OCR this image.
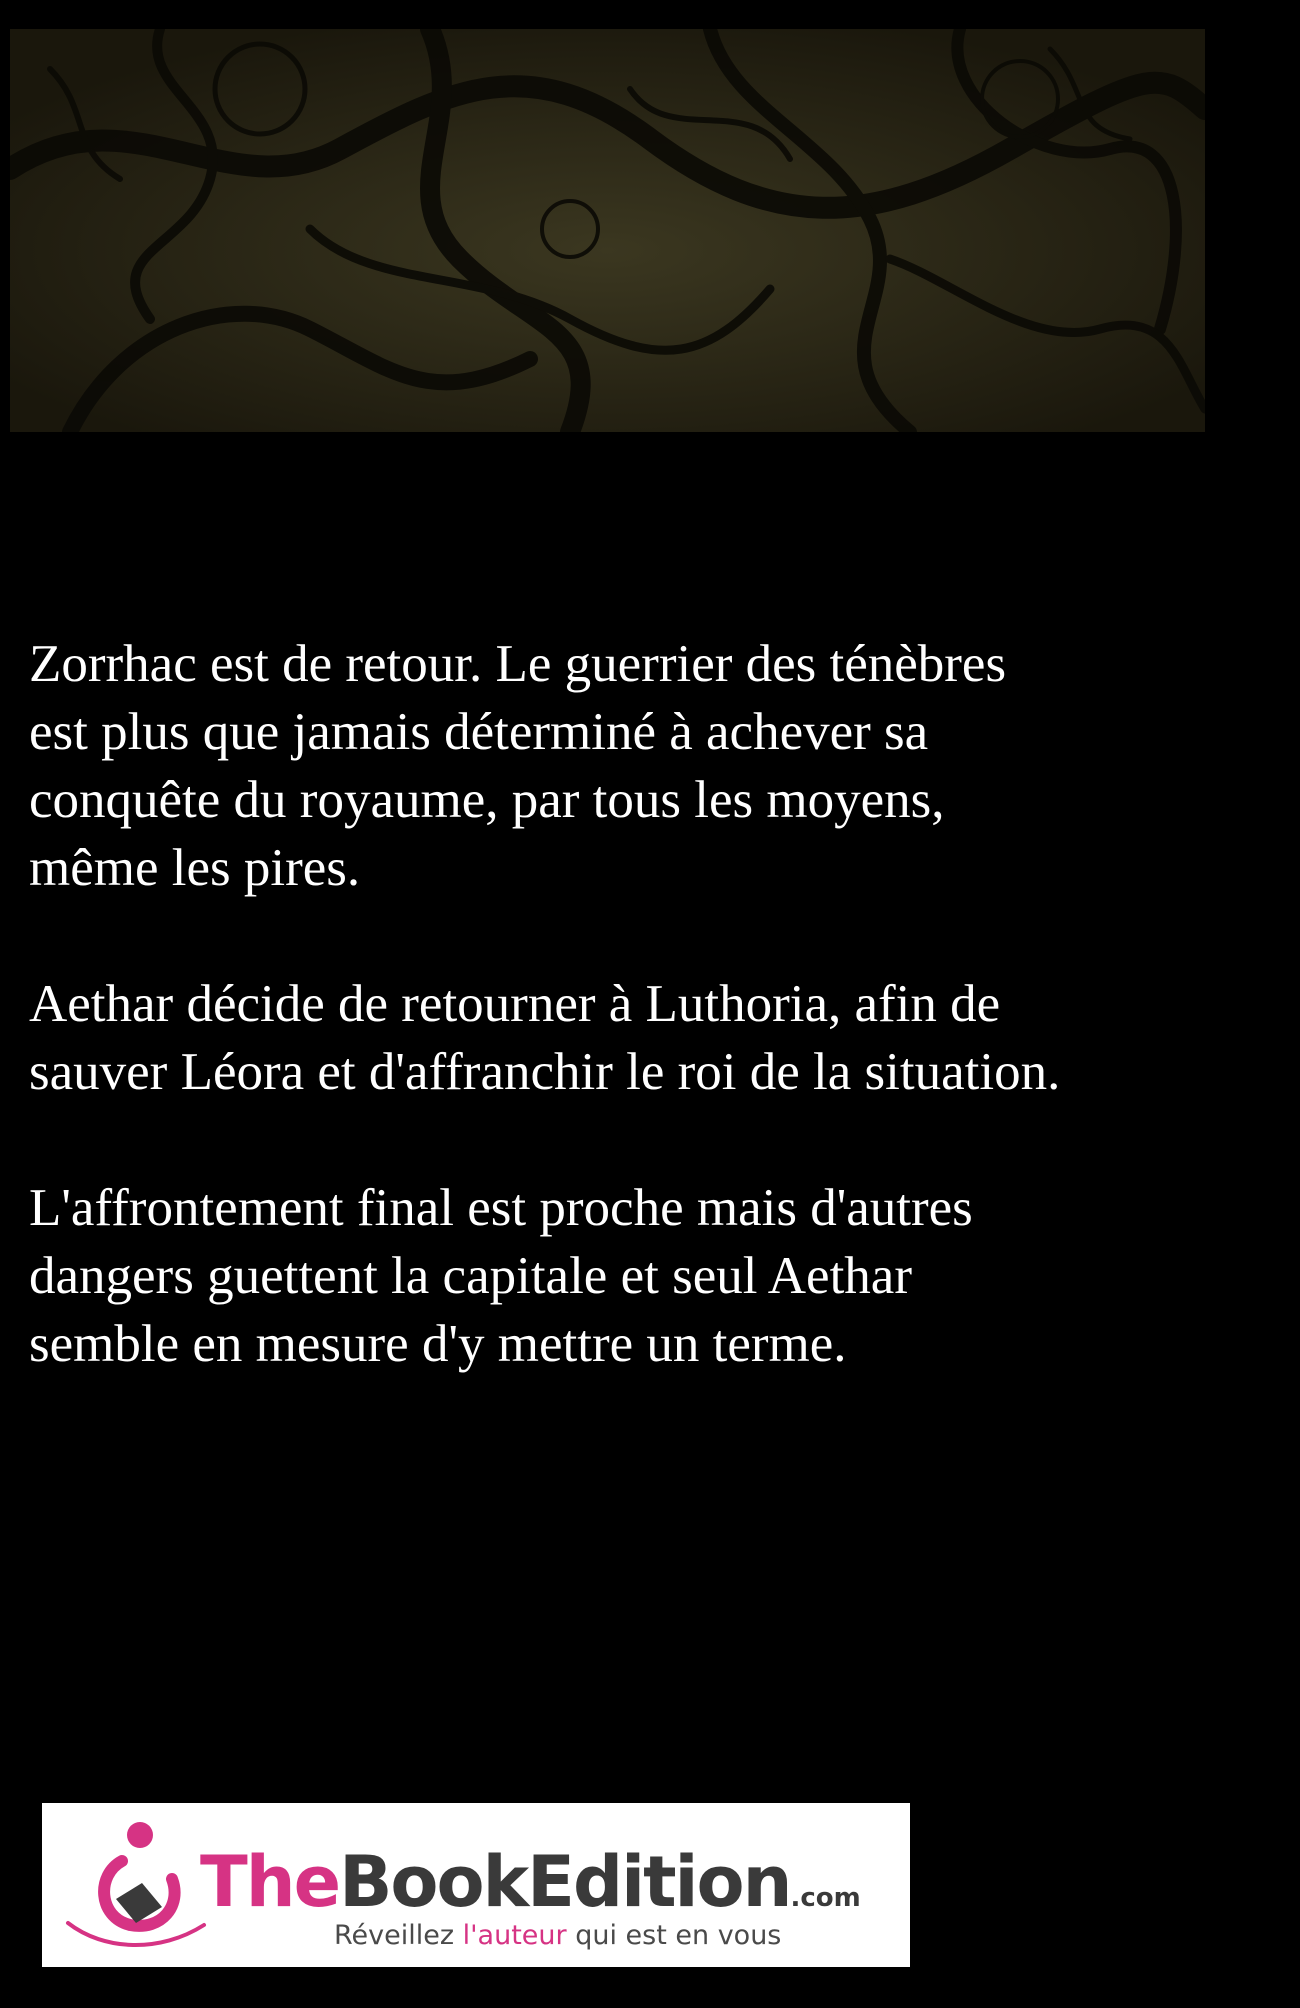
Zorrhac est de retour. Le guerrier des ténèbres
est plus que jamais déterminé à achever sa
conquête du royaume, par tous les moyens,
même les pires.

Aethar décide de retourner à Luthoria, afin de
sauver Léora et d'affranchir le roi de la situation.

L'affrontement final est proche mais d'autres
dangers guettent la capitale et seul Aethar
semble en mesure d'y mettre un terme.

TheBookEdition.com
Réveillez l'auteur qui est en vous
